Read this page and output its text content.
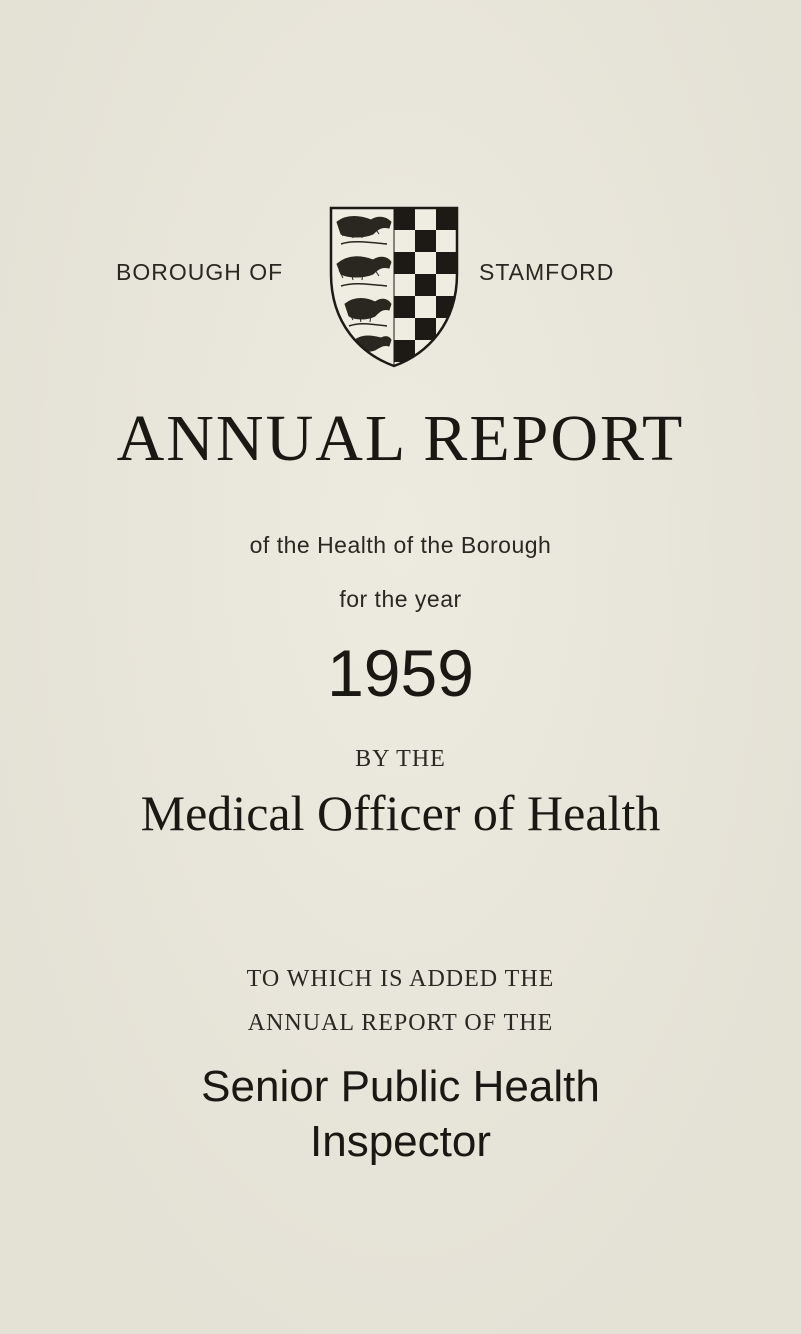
BOROUGH OF	STAMFORD
ANNUAL REPORT
of the Health of the Borough
for the year
1959
BY THE
Medical Officer of Health
TO WHICH IS ADDED THE
ANNUAL REPORT OF THE
Senior Public Health
Inspector
